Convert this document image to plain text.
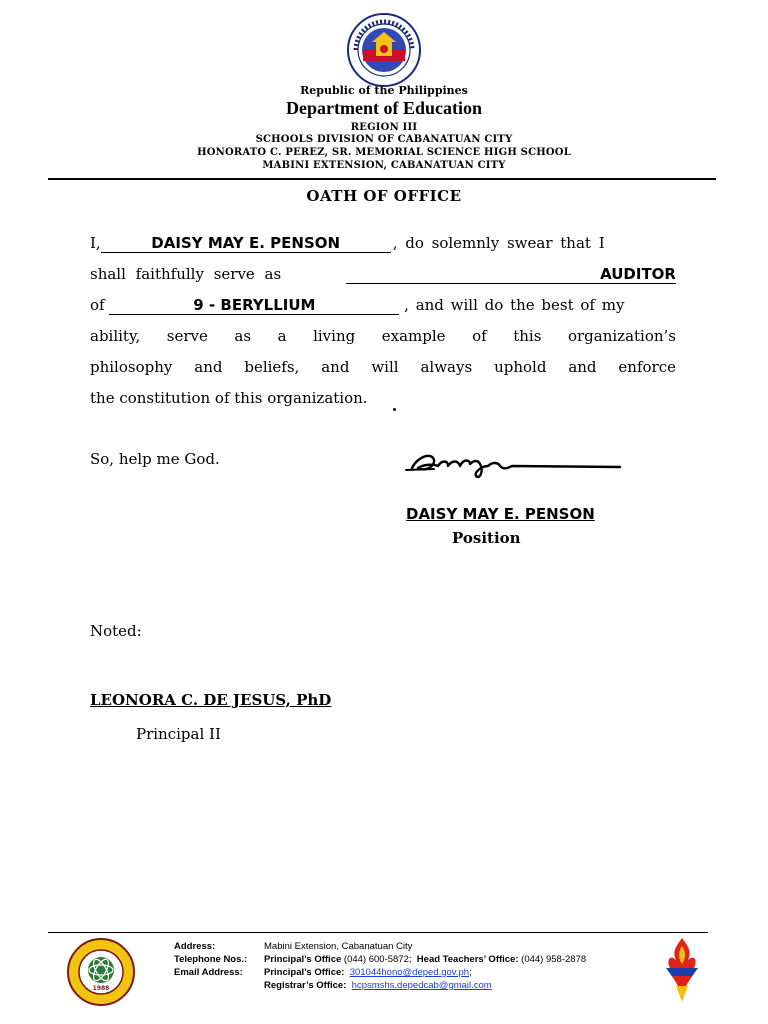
Republic of the Philippines
Department of Education
REGION III
SCHOOLS DIVISION OF CABANATUAN CITY
HONORATO C. PEREZ, SR. MEMORIAL SCIENCE HIGH SCHOOL
MABINI EXTENSION, CABANATUAN CITY
OATH OF OFFICE
I,	DAISY MAY E. PENSON	, do solemnly swear that I
shall faithfully serve as	AUDITOR
of	9 - BERYLLIUM	, and will do the best of my
ability, serve as a living example of this organization’s
philosophy and beliefs, and will always uphold and enforce
the constitution of this organization.
So, help me God.
DAISY MAY E. PENSON
Position
Noted:
LEONORA C. DE JESUS, PhD
Principal II
1988
Address:	Mabini Extension, Cabanatuan City
Telephone Nos.: Principal’s Office (044) 600-5872; Head Teachers’ Office: (044) 958-2878
Email Address: Principal’s Office: 301044hono@deped.gov.ph;
Registrar’s Office: hcpsmshs.depedcab@gmail.com
